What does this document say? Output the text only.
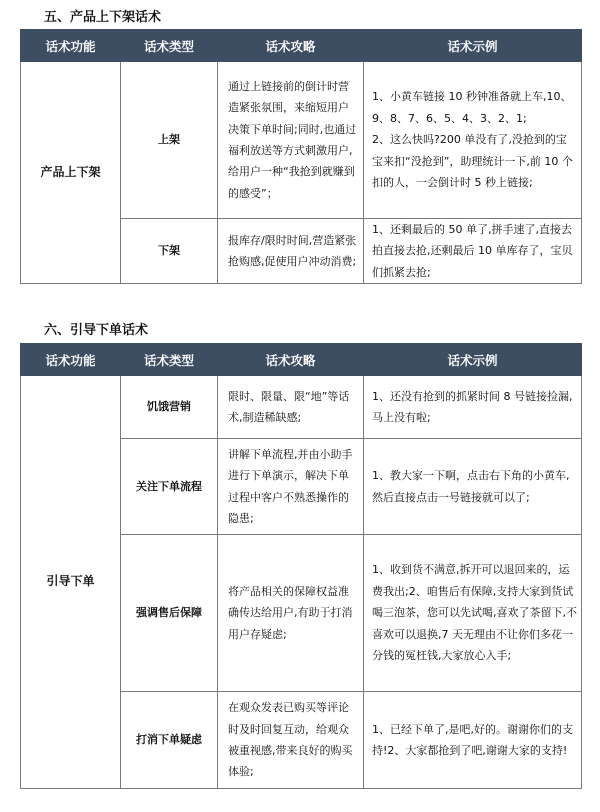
五、产品上下架话术
话术功能	话术类型	话术攻略	话术示例
产品上下架	上架	通过上链接前的倒计时营造紧张氛围，来缩短用户决策下单时间;同时,也通过福利放送等方式刺激用户,给用户一种“我抢到就赚到的感受”；	1、小黄车链接 10 秒钟准备就上车,10、9、8、7、6、5、4、3、2、1;
2、这么快吗?200 单没有了,没抢到的宝宝来扣“没抢到”，助理统计一下,前 10 个扣的人，一会倒计时 5 秒上链接;
	下架	报库存/限时时间,营造紧张抢购感,促使用户冲动消费;	1、还剩最后的 50 单了,拼手速了,直接去拍直接去抢,还剩最后 10 单库存了，宝贝们抓紧去抢;
六、引导下单话术
话术功能	话术类型	话术攻略	话术示例
引导下单	饥饿营销	限时、限量、限“地”等话术,制造稀缺感;	1、还没有抢到的抓紧时间 8 号链接捡漏,马上没有啦;
	关注下单流程	讲解下单流程,并由小助手进行下单演示，解决下单过程中客户不熟悉操作的隐患;	1、教大家一下啊，点击右下角的小黄车,然后直接点击一号链接就可以了;
	强调售后保障	将产品相关的保障权益准确传达给用户,有助于打消用户存疑虑;	1、收到货不满意,拆开可以退回来的，运费我出;2、咱售后有保障,支持大家到货试喝三泡茶，您可以先试喝,喜欢了茶留下,不喜欢可以退换,7 天无理由不让你们多花一分钱的冤枉钱,大家放心入手;
	打消下单疑虑	在观众发表已购买等评论时及时回复互动，给观众被重视感,带来良好的购买体验;	1、已经下单了,是吧,好的。谢谢你们的支持!2、大家都抢到了吧,谢谢大家的支持!
